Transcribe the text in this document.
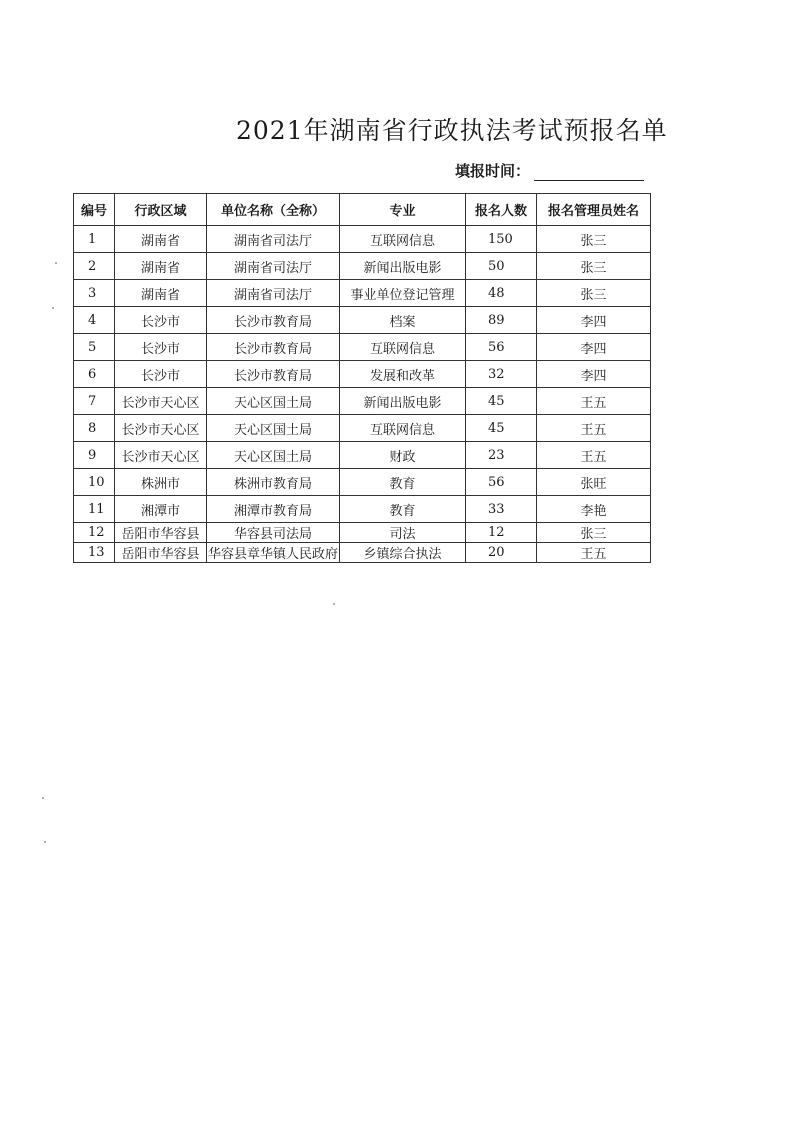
2021年湖南省行政执法考试预报名单
填报时间：
编号	行政区域	单位名称（全称）	专业	报名人数	报名管理员姓名
1	湖南省	湖南省司法厅	互联网信息	150	张三
2	湖南省	湖南省司法厅	新闻出版电影	50	张三
3	湖南省	湖南省司法厅	事业单位登记管理	48	张三
4	长沙市	长沙市教育局	档案	89	李四
5	长沙市	长沙市教育局	互联网信息	56	李四
6	长沙市	长沙市教育局	发展和改革	32	李四
7	长沙市天心区	天心区国土局	新闻出版电影	45	王五
8	长沙市天心区	天心区国土局	互联网信息	45	王五
9	长沙市天心区	天心区国土局	财政	23	王五
10	株洲市	株洲市教育局	教育	56	张旺
11	湘潭市	湘潭市教育局	教育	33	李艳
12	岳阳市华容县	华容县司法局	司法	12	张三
13	岳阳市华容县	华容县章华镇人民政府	乡镇综合执法	20	王五
